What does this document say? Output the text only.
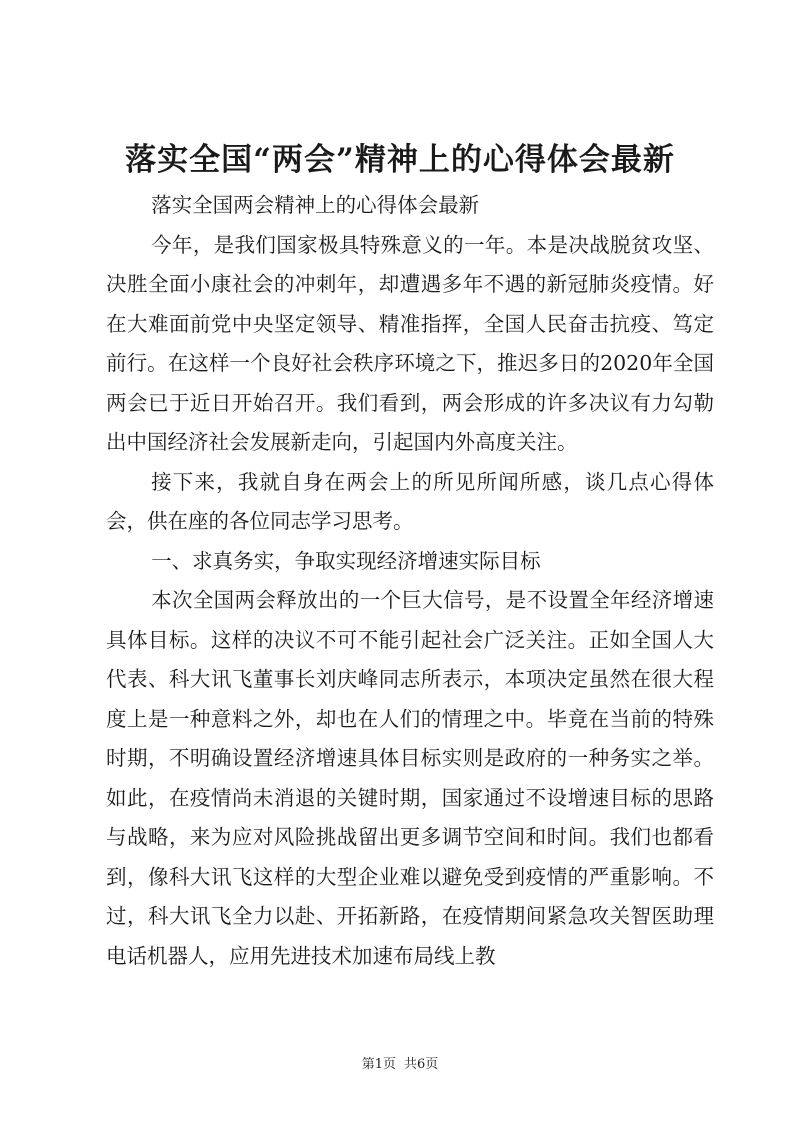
落实全国“两会”精神上的心得体会最新

落实全国两会精神上的心得体会最新

今年，是我们国家极具特殊意义的一年。本是决战脱贫攻坚、决胜全面小康社会的冲刺年，却遭遇多年不遇的新冠肺炎疫情。好在大难面前党中央坚定领导、精准指挥，全国人民奋击抗疫、笃定前行。在这样一个良好社会秩序环境之下，推迟多日的2020年全国两会已于近日开始召开。我们看到，两会形成的许多决议有力勾勒出中国经济社会发展新走向，引起国内外高度关注。

接下来，我就自身在两会上的所见所闻所感，谈几点心得体会，供在座的各位同志学习思考。

一、求真务实，争取实现经济增速实际目标

本次全国两会释放出的一个巨大信号，是不设置全年经济增速具体目标。这样的决议不可不能引起社会广泛关注。正如全国人大代表、科大讯飞董事长刘庆峰同志所表示，本项决定虽然在很大程度上是一种意料之外，却也在人们的情理之中。毕竟在当前的特殊时期，不明确设置经济增速具体目标实则是政府的一种务实之举。如此，在疫情尚未消退的关键时期，国家通过不设增速目标的思路与战略，来为应对风险挑战留出更多调节空间和时间。我们也都看到，像科大讯飞这样的大型企业难以避免受到疫情的严重影响。不过，科大讯飞全力以赴、开拓新路，在疫情期间紧急攻关智医助理电话机器人，应用先进技术加速布局线上教

第1页 共6页
